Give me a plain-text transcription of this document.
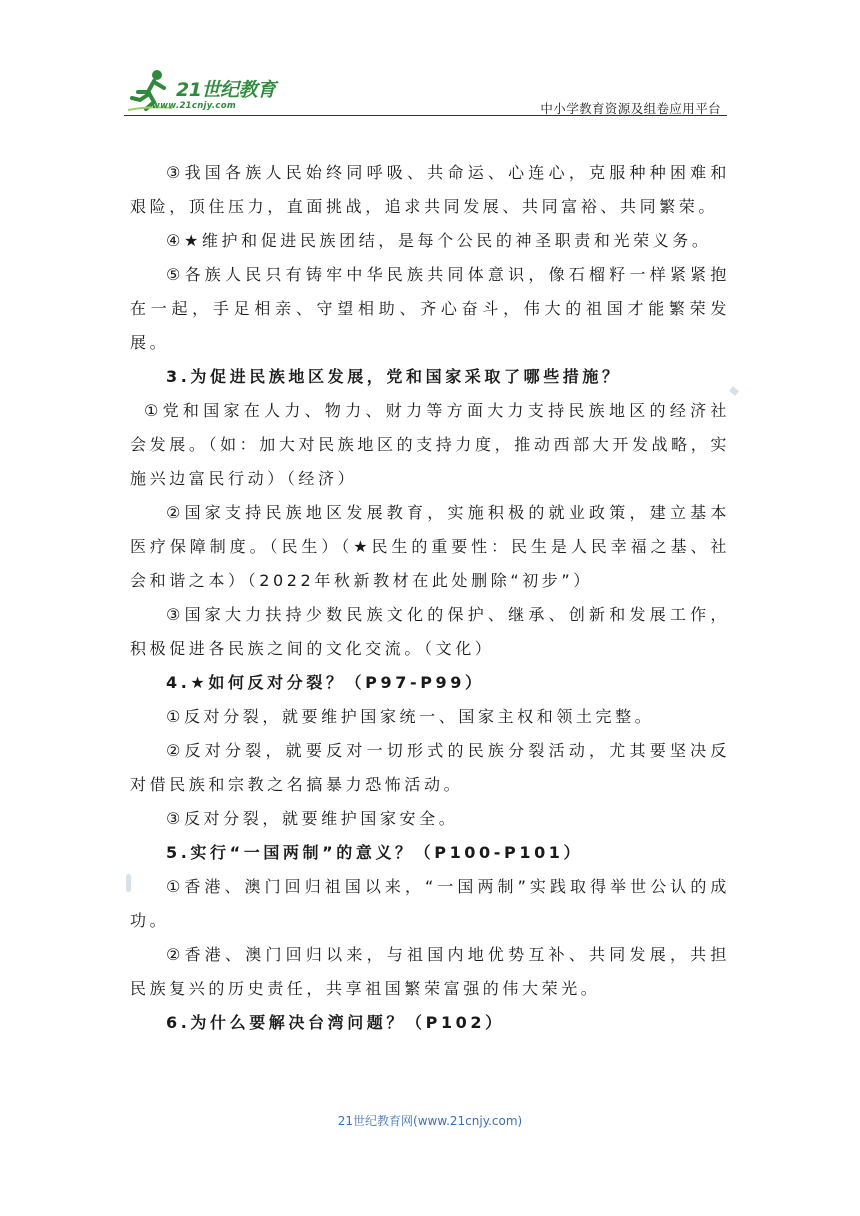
21世纪教育
www.21cnjy.com	中小学教育资源及组卷应用平台

③我国各族人民始终同呼吸、共命运、心连心，克服种种困难和艰险，顶住压力，直面挑战，追求共同发展、共同富裕、共同繁荣。

④★维护和促进民族团结，是每个公民的神圣职责和光荣义务。

⑤各族人民只有铸牢中华民族共同体意识，像石榴籽一样紧紧抱在一起，手足相亲、守望相助、齐心奋斗，伟大的祖国才能繁荣发展。

3.为促进民族地区发展，党和国家采取了哪些措施？

①党和国家在人力、物力、财力等方面大力支持民族地区的经济社会发展。（如：加大对民族地区的支持力度，推动西部大开发战略，实施兴边富民行动）（经济）

②国家支持民族地区发展教育，实施积极的就业政策，建立基本医疗保障制度。（民生）（★民生的重要性：民生是人民幸福之基、社会和谐之本）（2022年秋新教材在此处删除“初步”）

③国家大力扶持少数民族文化的保护、继承、创新和发展工作，积极促进各民族之间的文化交流。（文化）

4.★如何反对分裂？（P97-P99）

①反对分裂，就要维护国家统一、国家主权和领土完整。

②反对分裂，就要反对一切形式的民族分裂活动，尤其要坚决反对借民族和宗教之名搞暴力恐怖活动。

③反对分裂，就要维护国家安全。

5.实行“一国两制”的意义？（P100-P101）

①香港、澳门回归祖国以来，“一国两制”实践取得举世公认的成功。

②香港、澳门回归以来，与祖国内地优势互补、共同发展，共担民族复兴的历史责任，共享祖国繁荣富强的伟大荣光。

6.为什么要解决台湾问题？（P102）

21世纪教育网(www.21cnjy.com)
